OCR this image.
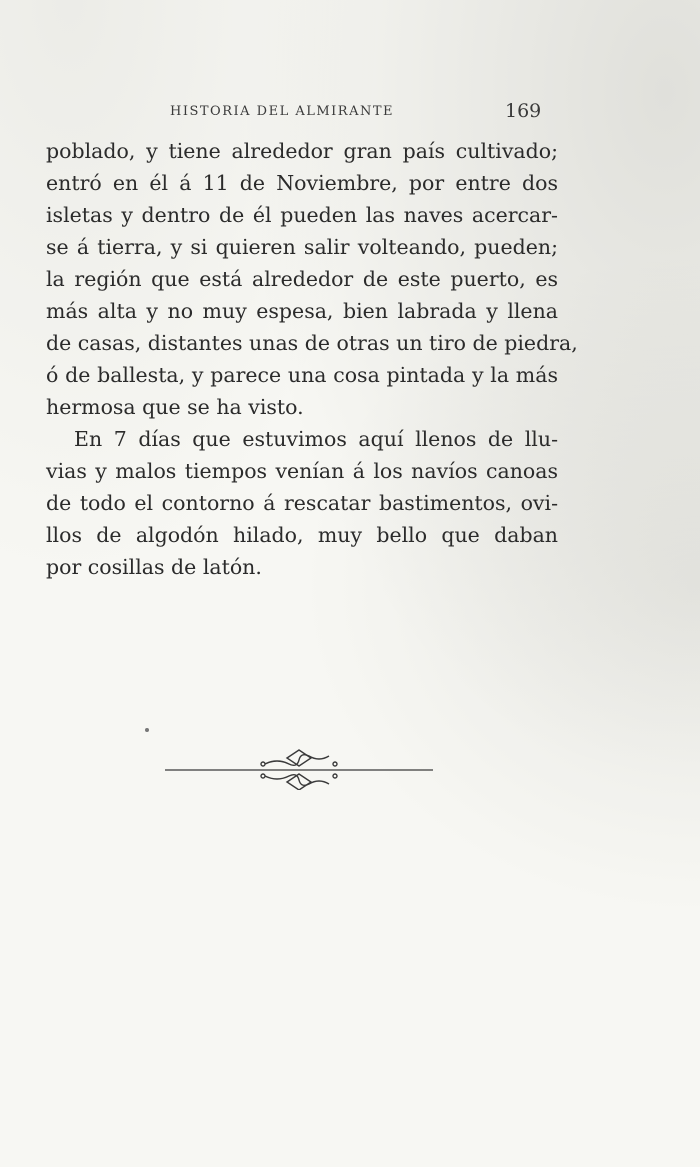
HISTORIA DEL ALMIRANTE	169
poblado, y tiene alrededor gran país cultivado;
entró en él á 11 de Noviembre, por entre dos
isletas y dentro de él pueden las naves acercar-
se á tierra, y si quieren salir volteando, pueden;
la región que está alrededor de este puerto, es
más alta y no muy espesa, bien labrada y llena
de casas, distantes unas de otras un tiro de piedra,
ó de ballesta, y parece una cosa pintada y la más
hermosa que se ha visto.
En 7 días que estuvimos aquí llenos de llu-
vias y malos tiempos venían á los navíos canoas
de todo el contorno á rescatar bastimentos, ovi-
llos de algodón hilado, muy bello que daban
por cosillas de latón.
